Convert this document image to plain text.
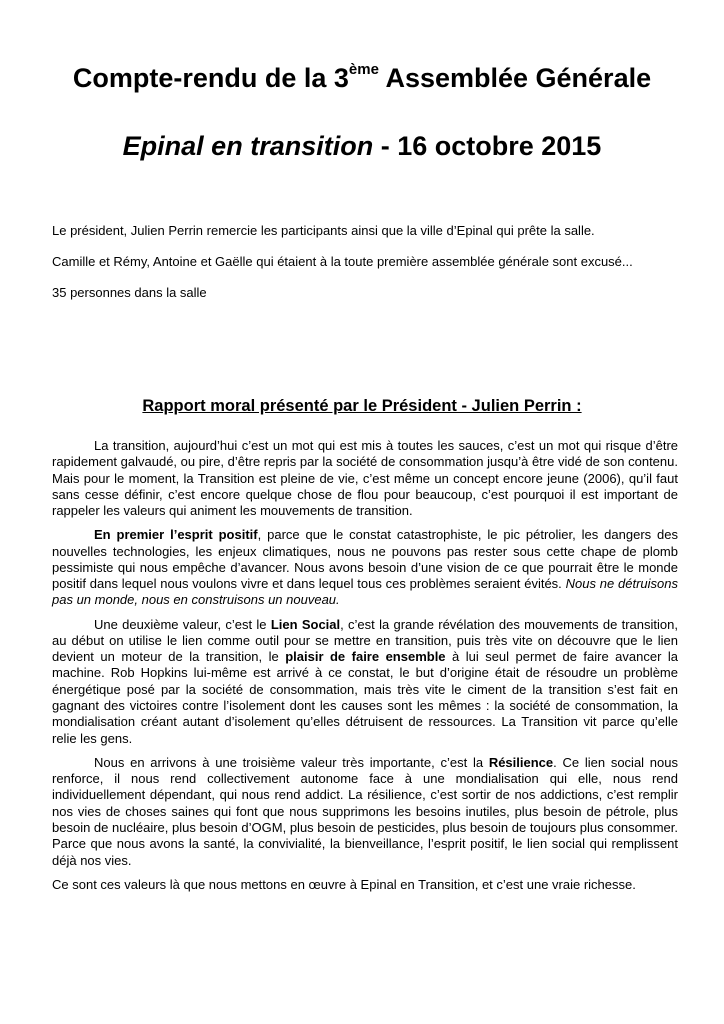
Compte-rendu de la 3ème Assemblée Générale
Epinal en transition - 16 octobre 2015
Le président, Julien Perrin remercie les participants ainsi que la ville d’Epinal qui prête la salle.
Camille et Rémy, Antoine et Gaëlle qui étaient à la toute première assemblée générale sont excusé...
35 personnes dans la salle
Rapport moral présenté par le Président - Julien Perrin :

La transition, aujourd’hui c’est un mot qui est mis à toutes les sauces, c’est un mot qui risque d’être rapidement galvaudé, ou pire, d’être repris par la société de consommation jusqu’à être vidé de son contenu. Mais pour le moment, la Transition est pleine de vie, c’est même un concept encore jeune (2006), qu’il faut sans cesse définir, c’est encore quelque chose de flou pour beaucoup, c’est pourquoi il est important de rappeler les valeurs qui animent les mouvements de transition.

En premier l’esprit positif, parce que le constat catastrophiste, le pic pétrolier, les dangers des nouvelles technologies, les enjeux climatiques, nous ne pouvons pas rester sous cette chape de plomb pessimiste qui nous empêche d’avancer. Nous avons besoin d’une vision de ce que pourrait être le monde positif dans lequel nous voulons vivre et dans lequel tous ces problèmes seraient évités. Nous ne détruisons pas un monde, nous en construisons un nouveau.

Une deuxième valeur, c’est le Lien Social, c’est la grande révélation des mouvements de transition, au début on utilise le lien comme outil pour se mettre en transition, puis très vite on découvre que le lien devient un moteur de la transition, le plaisir de faire ensemble à lui seul permet de faire avancer la machine. Rob Hopkins lui-même est arrivé à ce constat, le but d’origine était de résoudre un problème énergétique posé par la société de consommation, mais très vite le ciment de la transition s’est fait en gagnant des victoires contre l’isolement dont les causes sont les mêmes : la société de consommation, la mondialisation créant autant d’isolement qu’elles détruisent de ressources. La Transition vit parce qu’elle relie les gens.

Nous en arrivons à une troisième valeur très importante, c’est la Résilience. Ce lien social nous renforce, il nous rend collectivement autonome face à une mondialisation qui elle, nous rend individuellement dépendant, qui nous rend addict. La résilience, c’est sortir de nos addictions, c’est remplir nos vies de choses saines qui font que nous supprimons les besoins inutiles, plus besoin de pétrole, plus besoin de nucléaire, plus besoin d’OGM, plus besoin de pesticides, plus besoin de toujours plus consommer. Parce que nous avons la santé, la convivialité, la bienveillance, l’esprit positif, le lien social qui remplissent déjà nos vies.

Ce sont ces valeurs là que nous mettons en œuvre à Epinal en Transition, et c’est une vraie richesse.
